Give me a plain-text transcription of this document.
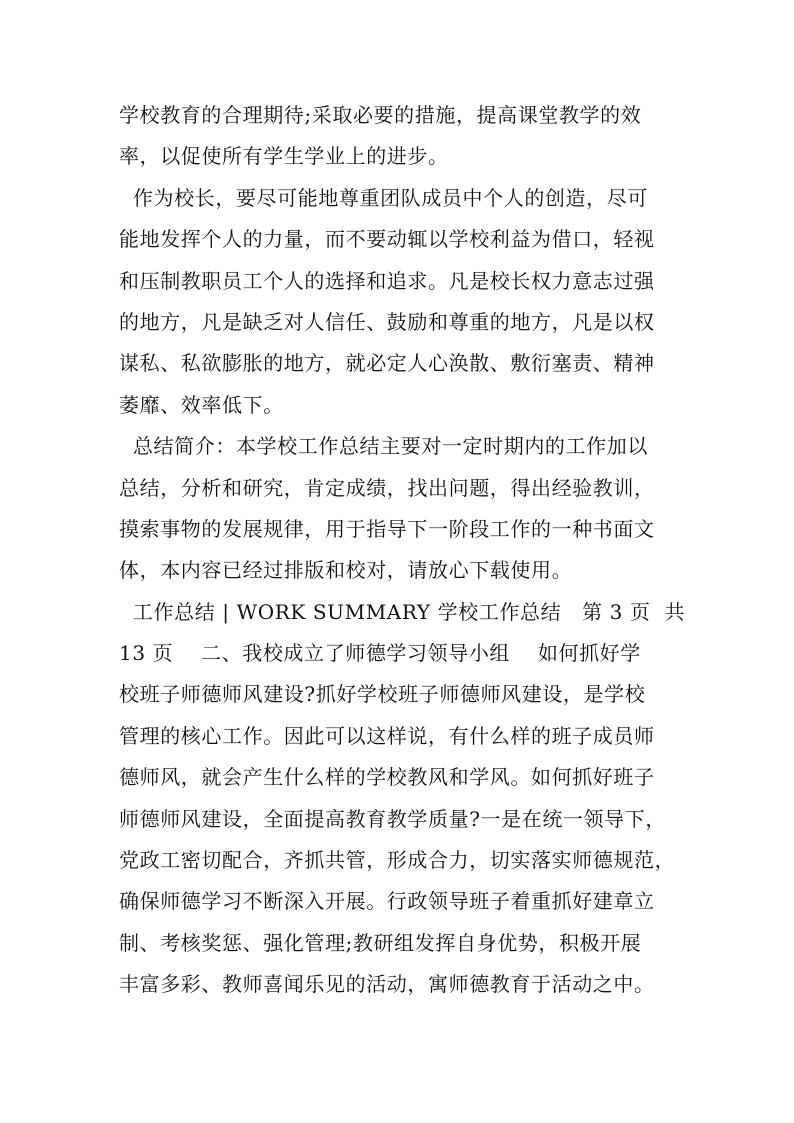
学校教育的合理期待;采取必要的措施，提高课堂教学的效
率，以促使所有学生学业上的进步。
作为校长，要尽可能地尊重团队成员中个人的创造，尽可
能地发挥个人的力量，而不要动辄以学校利益为借口，轻视
和压制教职员工个人的选择和追求。凡是校长权力意志过强
的地方，凡是缺乏对人信任、鼓励和尊重的地方，凡是以权
谋私、私欲膨胀的地方，就必定人心涣散、敷衍塞责、精神
萎靡、效率低下。
总结简介：本学校工作总结主要对一定时期内的工作加以
总结，分析和研究，肯定成绩，找出问题，得出经验教训，
摸索事物的发展规律，用于指导下一阶段工作的一种书面文
体，本内容已经过排版和校对，请放心下载使用。
工作总结 | WORK SUMMARY 学校工作总结   第 3 页  共
13 页    二、我校成立了师德学习领导小组    如何抓好学
校班子师德师风建设?抓好学校班子师德师风建设，是学校
管理的核心工作。因此可以这样说，有什么样的班子成员师
德师风，就会产生什么样的学校教风和学风。如何抓好班子
师德师风建设，全面提高教育教学质量?一是在统一领导下，
党政工密切配合，齐抓共管，形成合力，切实落实师德规范，
确保师德学习不断深入开展。行政领导班子着重抓好建章立
制、考核奖惩、强化管理;教研组发挥自身优势，积极开展
丰富多彩、教师喜闻乐见的活动，寓师德教育于活动之中。
